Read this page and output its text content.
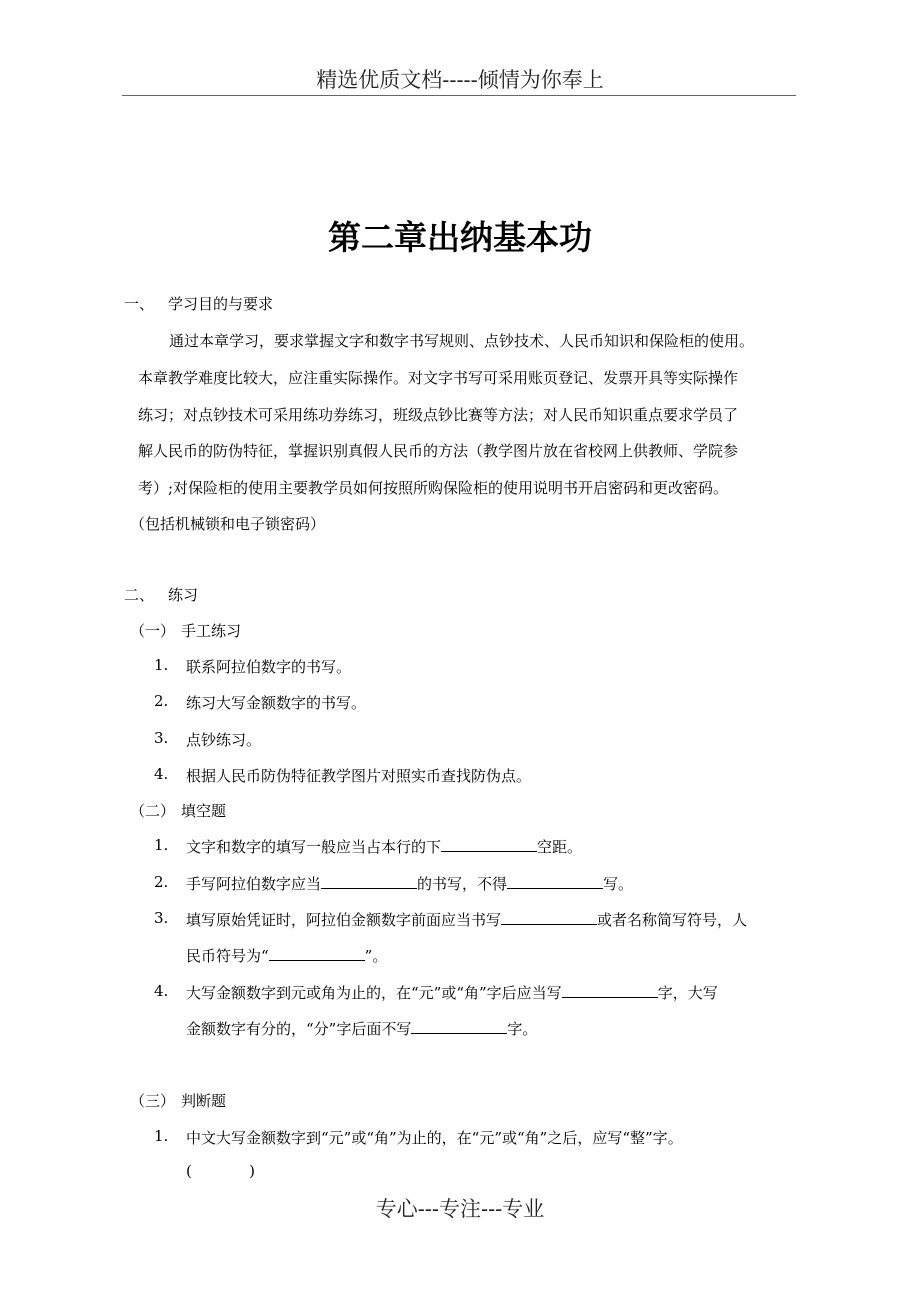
精选优质文档-----倾情为你奉上
第二章出纳基本功
一、 学习目的与要求
通过本章学习，要求掌握文字和数字书写规则、点钞技术、人民币知识和保险柜的使用。
本章教学难度比较大，应注重实际操作。对文字书写可采用账页登记、发票开具等实际操作
练习；对点钞技术可采用练功券练习，班级点钞比赛等方法；对人民币知识重点要求学员了
解人民币的防伪特征，掌握识别真假人民币的方法（教学图片放在省校网上供教师、学院参
考）;对保险柜的使用主要教学员如何按照所购保险柜的使用说明书开启密码和更改密码。
（包括机械锁和电子锁密码）
二、 练习
（一） 手工练习
1. 联系阿拉伯数字的书写。
2. 练习大写金额数字的书写。
3. 点钞练习。
4. 根据人民币防伪特征教学图片对照实币查找防伪点。
（二） 填空题
1. 文字和数字的填写一般应当占本行的下	空距。
2. 手写阿拉伯数字应当	的书写，不得	写。
3. 填写原始凭证时，阿拉伯金额数字前面应当书写	或者名称简写符号，人
民币符号为“	”。
4. 大写金额数字到元或角为止的，在“元”或“角”字后应当写	字，大写
金额数字有分的，“分”字后面不写	字。
（三） 判断题
1. 中文大写金额数字到“元”或“角”为止的，在“元”或“角”之后，应写“整”字。
(            )
专心---专注---专业
